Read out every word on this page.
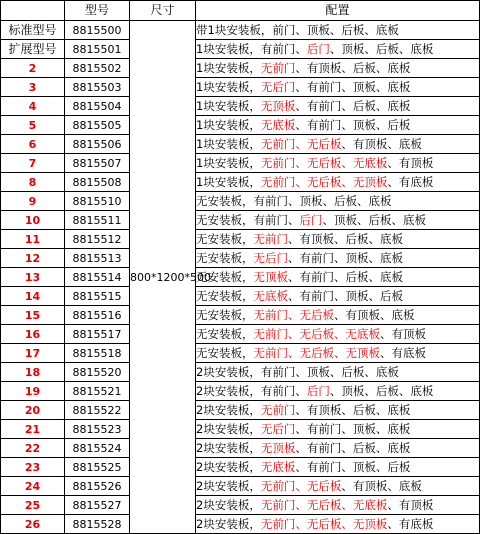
	型号	尺寸	配置
标准型号	8815500	800*1200*500	带1块安装板，前门、顶板、后板、底板
扩展型号	8815501		1块安装板，有前门、后门、顶板、后板、底板
2	8815502		1块安装板，无前门、有顶板、后板、底板
3	8815503		1块安装板，无后门、有前门、顶板、底板
4	8815504		1块安装板，无顶板、有前门、后板、底板
5	8815505		1块安装板，无底板、有前门、顶板、后板
6	8815506		1块安装板，无前门、无后板、有顶板、底板
7	8815507		1块安装板，无前门、无后板、无底板、有顶板
8	8815508		1块安装板，无前门、无后板、无顶板、有底板
9	8815510		无安装板，有前门、顶板、后板、底板
10	8815511		无安装板，有前门、后门、顶板、后板、底板
11	8815512		无安装板，无前门、有顶板、后板、底板
12	8815513		无安装板，无后门、有前门、顶板、底板
13	8815514		无安装板，无顶板、有前门、后板、底板
14	8815515		无安装板，无底板、有前门、顶板、后板
15	8815516		无安装板，无前门、无后板、有顶板、底板
16	8815517		无安装板，无前门、无后板、无底板、有顶板
17	8815518		无安装板，无前门、无后板、无顶板、有底板
18	8815520		2块安装板，有前门、顶板、后板、底板
19	8815521		2块安装板，有前门、后门、顶板、后板、底板
20	8815522		2块安装板，无前门、有顶板、后板、底板
21	8815523		2块安装板，无后门、有前门、顶板、底板
22	8815524		2块安装板，无顶板、有前门、后板、底板
23	8815525		2块安装板，无底板、有前门、顶板、后板
24	8815526		2块安装板，无前门、无后板、有顶板、底板
25	8815527		2块安装板，无前门、无后板、无底板、有顶板
26	8815528		2块安装板，无前门、无后板、无顶板、有底板
